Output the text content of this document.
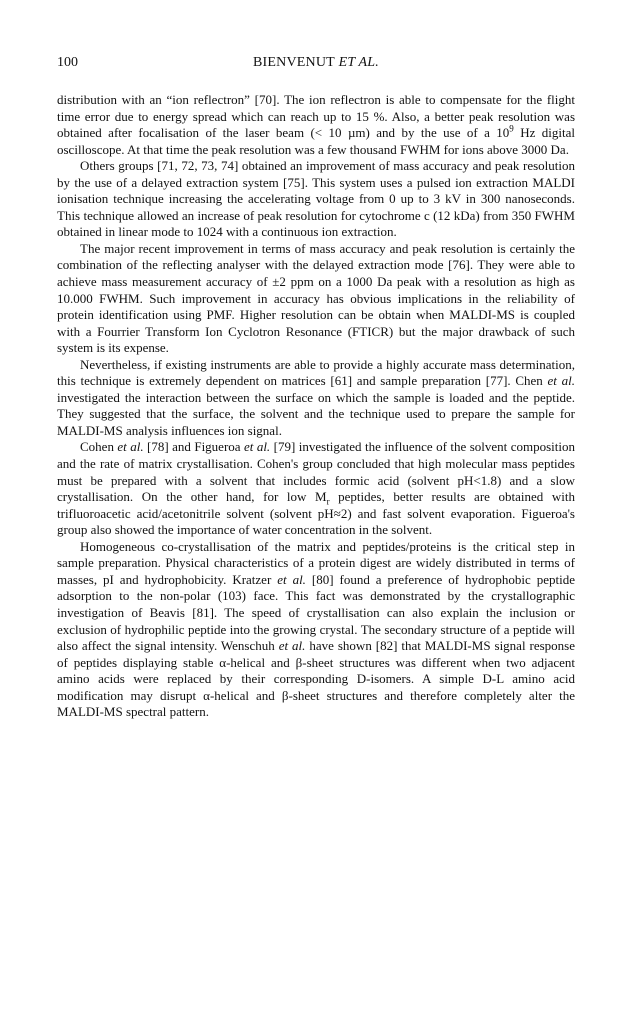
100	BIENVENUT ET AL.

distribution with an “ion reflectron” [70]. The ion reflectron is able to compensate for the flight time error due to energy spread which can reach up to 15 %. Also, a better peak resolution was obtained after focalisation of the laser beam (< 10 µm) and by the use of a $10^9$ Hz digital oscilloscope. At that time the peak resolution was a few thousand FWHM for ions above 3000 Da.

Others groups [71, 72, 73, 74] obtained an improvement of mass accuracy and peak resolution by the use of a delayed extraction system [75]. This system uses a pulsed ion extraction MALDI ionisation technique increasing the accelerating voltage from 0 up to 3 kV in 300 nanoseconds. This technique allowed an increase of peak resolution for cytochrome c (12 kDa) from 350 FWHM obtained in linear mode to 1024 with a continuous ion extraction.

The major recent improvement in terms of mass accuracy and peak resolution is certainly the combination of the reflecting analyser with the delayed extraction mode [76]. They were able to achieve mass measurement accuracy of ±2 ppm on a 1000 Da peak with a resolution as high as 10.000 FWHM. Such improvement in accuracy has obvious implications in the reliability of protein identification using PMF. Higher resolution can be obtain when MALDI-MS is coupled with a Fourrier Transform Ion Cyclotron Resonance (FTICR) but the major drawback of such system is its expense.

Nevertheless, if existing instruments are able to provide a highly accurate mass determination, this technique is extremely dependent on matrices [61] and sample preparation [77]. Chen et al. investigated the interaction between the surface on which the sample is loaded and the peptide. They suggested that the surface, the solvent and the technique used to prepare the sample for MALDI-MS analysis influences ion signal.

Cohen et al. [78] and Figueroa et al. [79] investigated the influence of the solvent composition and the rate of matrix crystallisation. Cohen's group concluded that high molecular mass peptides must be prepared with a solvent that includes formic acid (solvent pH<1.8) and a slow crystallisation. On the other hand, for low $M_r$ peptides, better results are obtained with trifluoroacetic acid/acetonitrile solvent (solvent pH≈2) and fast solvent evaporation. Figueroa's group also showed the importance of water concentration in the solvent.

Homogeneous co-crystallisation of the matrix and peptides/proteins is the critical step in sample preparation. Physical characteristics of a protein digest are widely distributed in terms of masses, pI and hydrophobicity. Kratzer et al. [80] found a preference of hydrophobic peptide adsorption to the non-polar (103) face. This fact was demonstrated by the crystallographic investigation of Beavis [81]. The speed of crystallisation can also explain the inclusion or exclusion of hydrophilic peptide into the growing crystal. The secondary structure of a peptide will also affect the signal intensity. Wenschuh et al. have shown [82] that MALDI-MS signal response of peptides displaying stable α-helical and β-sheet structures was different when two adjacent amino acids were replaced by their corresponding D-isomers. A simple D-L amino acid modification may disrupt α-helical and β-sheet structures and therefore completely alter the MALDI-MS spectral pattern.
